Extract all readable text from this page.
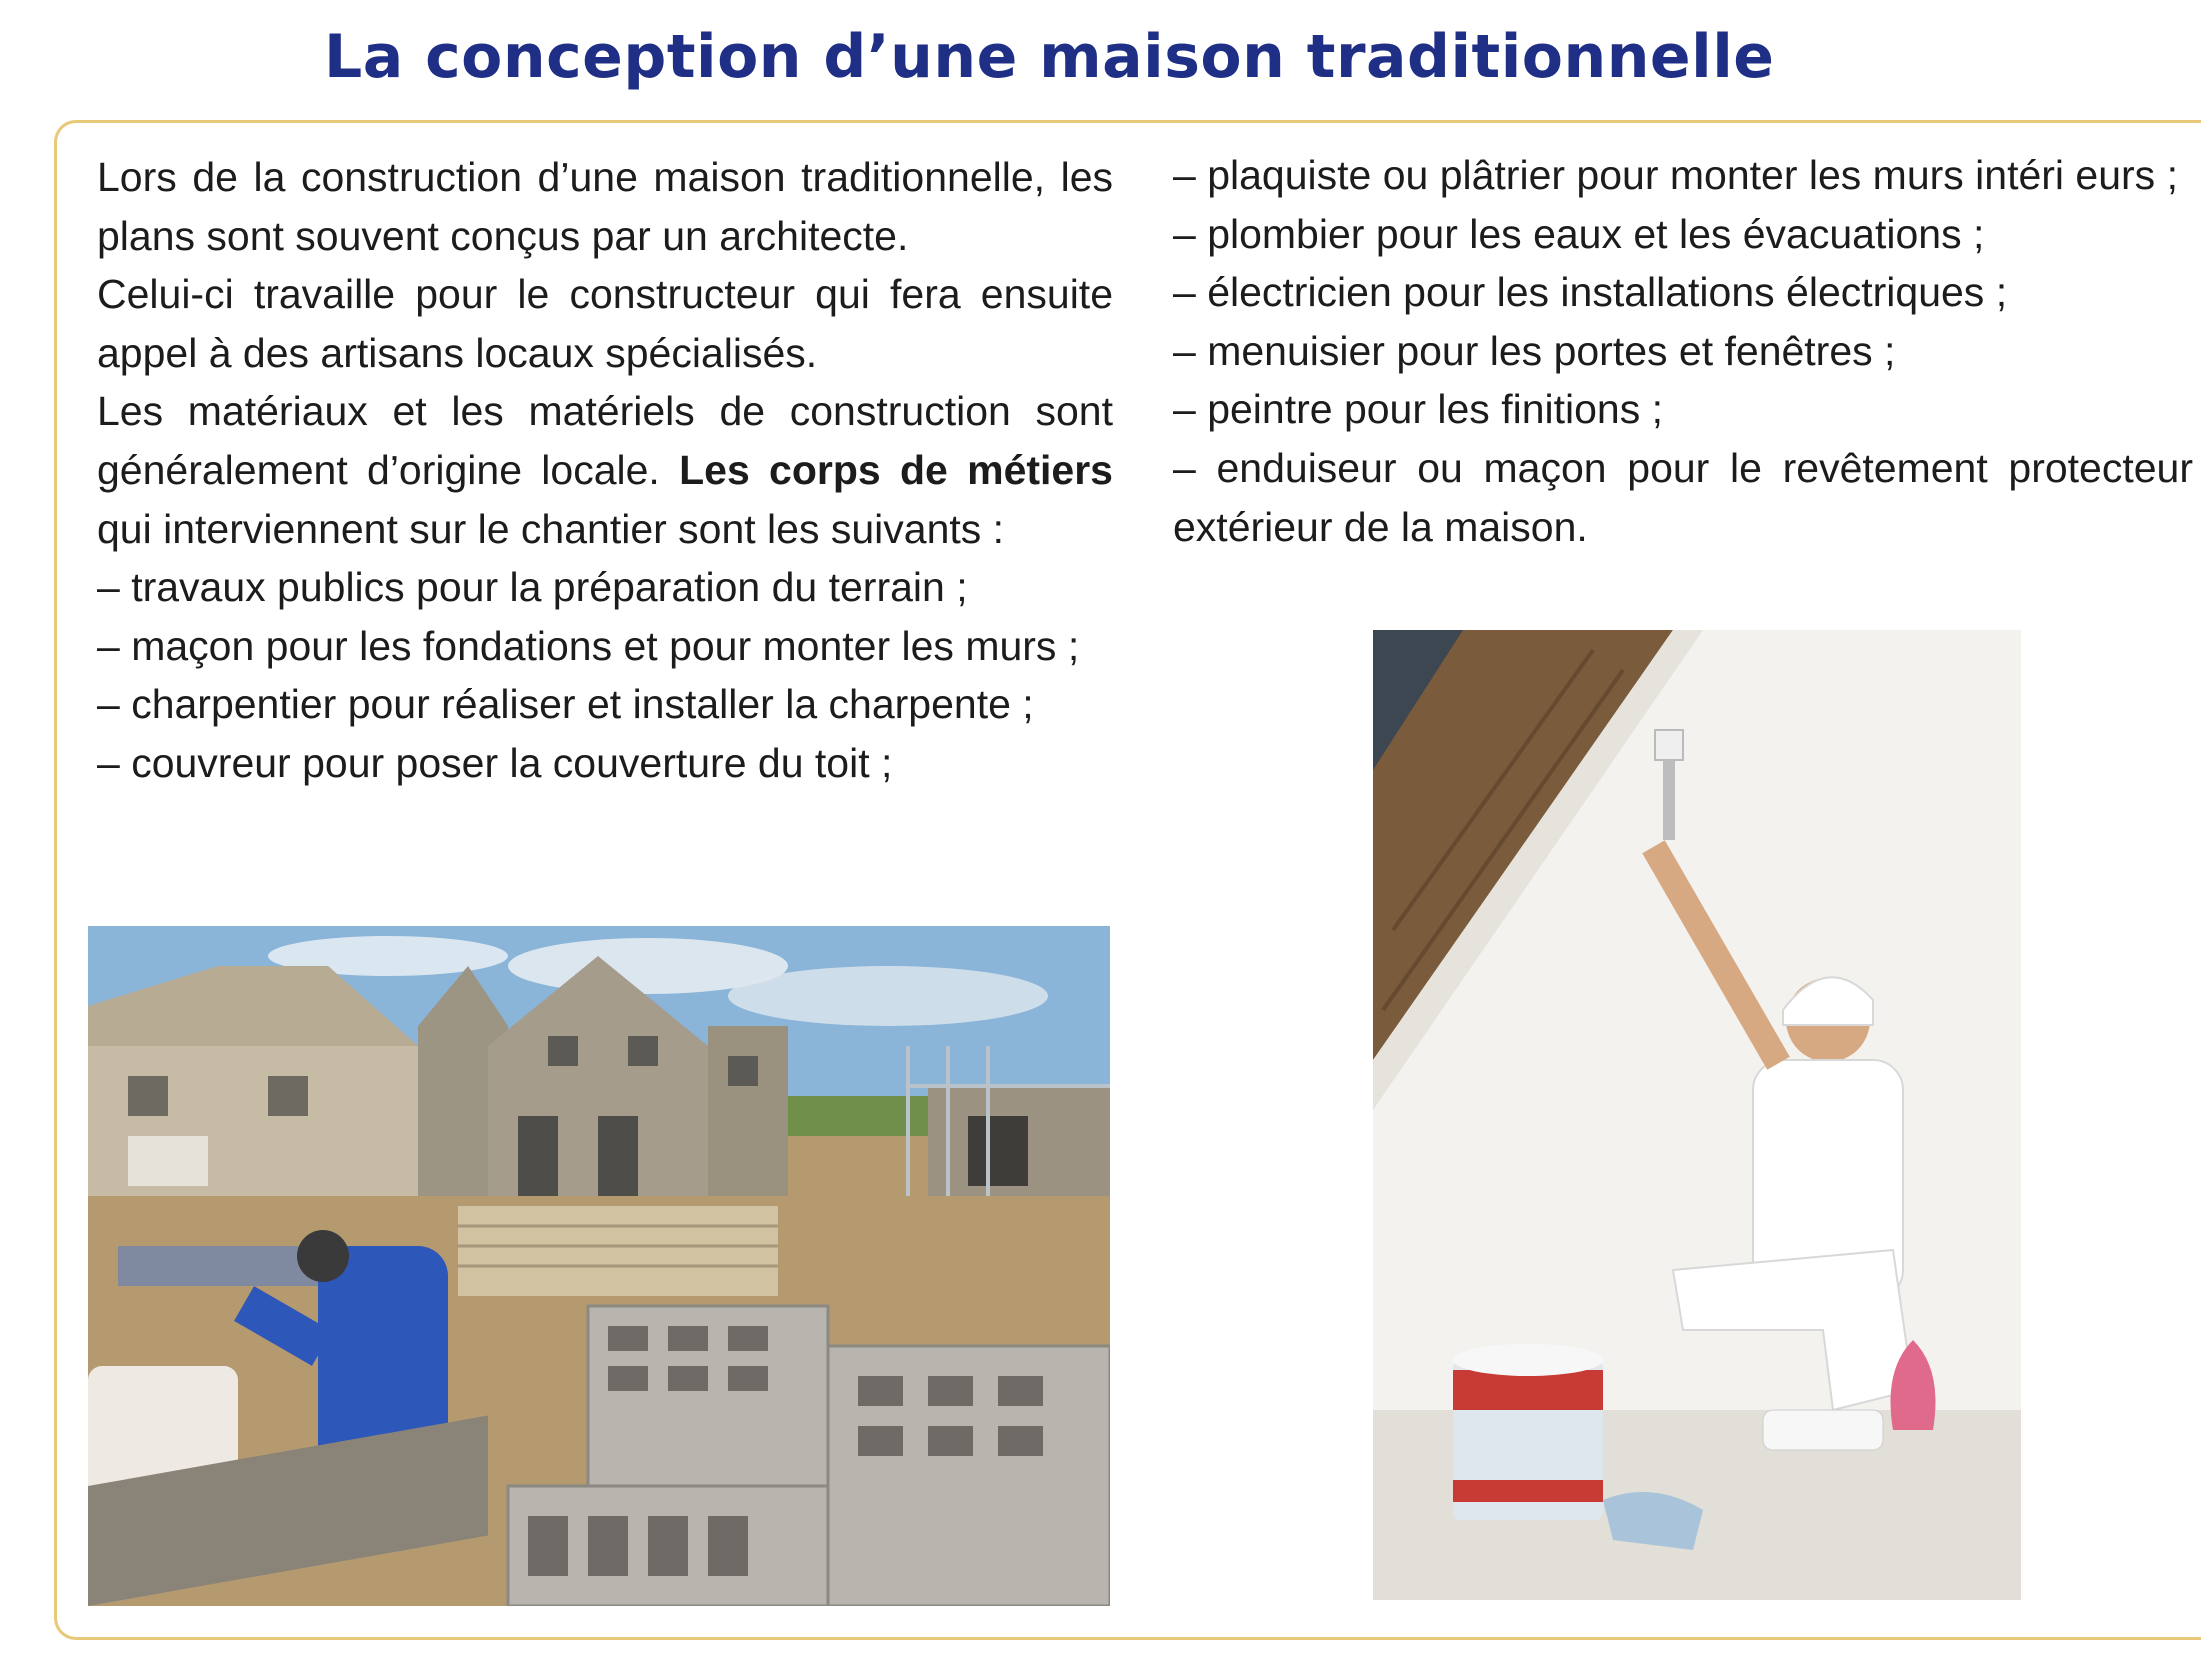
La conception d’une maison traditionnelle

Lors de la construction d’une maison traditionnelle, les plans sont souvent conçus par un architecte.

Celui-ci travaille pour le constructeur qui fera ensuite appel à des artisans locaux spécialisés.

Les matériaux et les matériels de construction sont généralement d’origine locale. Les corps de métiers qui interviennent sur le chantier sont les suivants :

– travaux publics pour la préparation du terrain ;

– maçon pour les fondations et pour monter les murs ;

– charpentier pour réaliser et installer la charpente ;

– couvreur pour poser la couverture du toit ;

– plaquiste ou plâtrier pour monter les murs intéri eurs ;

– plombier pour les eaux et les évacuations ;

– électricien pour les installations électriques ;

– menuisier pour les portes et fenêtres ;

– peintre pour les finitions ;

– enduiseur ou maçon pour le revêtement protecteur extérieur de la maison.
